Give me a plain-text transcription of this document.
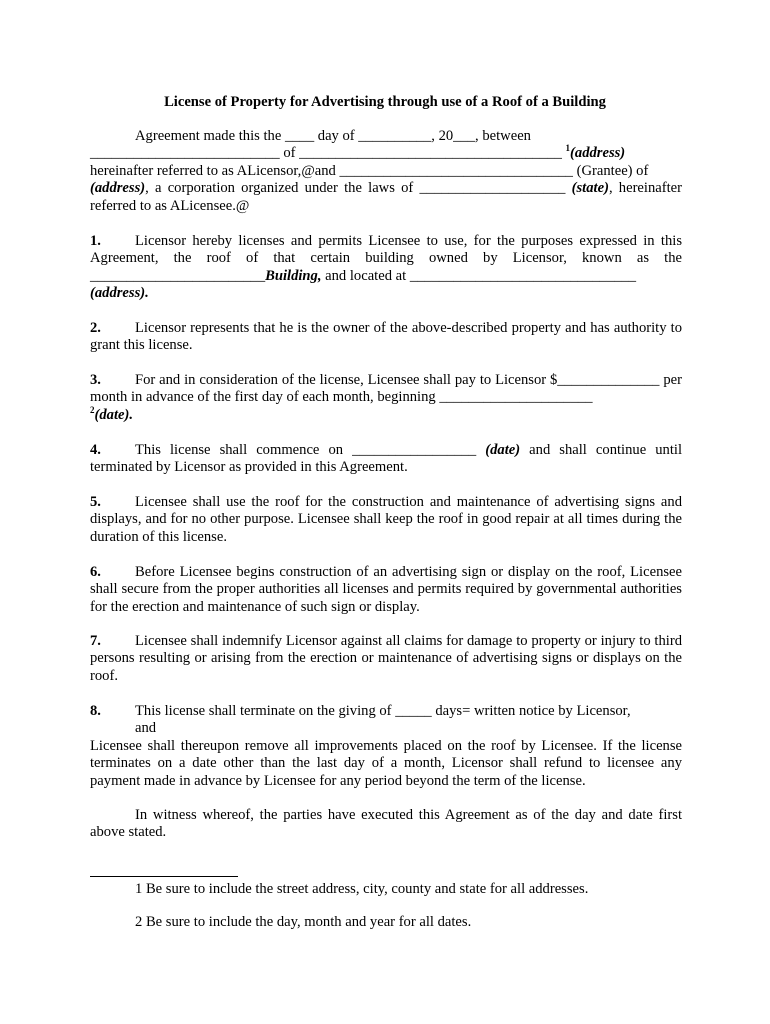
License of Property for Advertising through use of a Roof of a Building

Agreement made this the ____ day of __________, 20___, between
__________________________ of ____________________________________ $^1$(address)
hereinafter referred to as ALicensor,@and ________________________________ (Grantee) of
(address), a corporation organized under the laws of ____________________ (state), hereinafter referred to as ALicensee.@

1. Licensor hereby licenses and permits Licensee to use, for the purposes expressed in this Agreement, the roof of that certain building owned by Licensor, known as the ________________________Building, and located at _______________________________
(address).

2. Licensor represents that he is the owner of the above-described property and has authority to grant this license.

3. For and in consideration of the license, Licensee shall pay to Licensor $______________ per month in advance of the first day of each month, beginning _____________________
$^2$(date).

4. This license shall commence on _________________ (date) and shall continue until terminated by Licensor as provided in this Agreement.

5. Licensee shall use the roof for the construction and maintenance of advertising signs and displays, and for no other purpose. Licensee shall keep the roof in good repair at all times during the duration of this license.

6. Before Licensee begins construction of an advertising sign or display on the roof, Licensee shall secure from the proper authorities all licenses and permits required by governmental authorities for the erection and maintenance of such sign or display.

7. Licensee shall indemnify Licensor against all claims for damage to property or injury to third persons resulting or arising from the erection or maintenance of advertising signs or displays on the roof.

8. This license shall terminate on the giving of _____ days= written notice by Licensor,
and
Licensee shall thereupon remove all improvements placed on the roof by Licensee. If the license terminates on a date other than the last day of a month, Licensor shall refund to licensee any payment made in advance by Licensee for any period beyond the term of the license.

In witness whereof, the parties have executed this Agreement as of the day and date first above stated.

1 Be sure to include the street address, city, county and state for all addresses.

2 Be sure to include the day, month and year for all dates.
